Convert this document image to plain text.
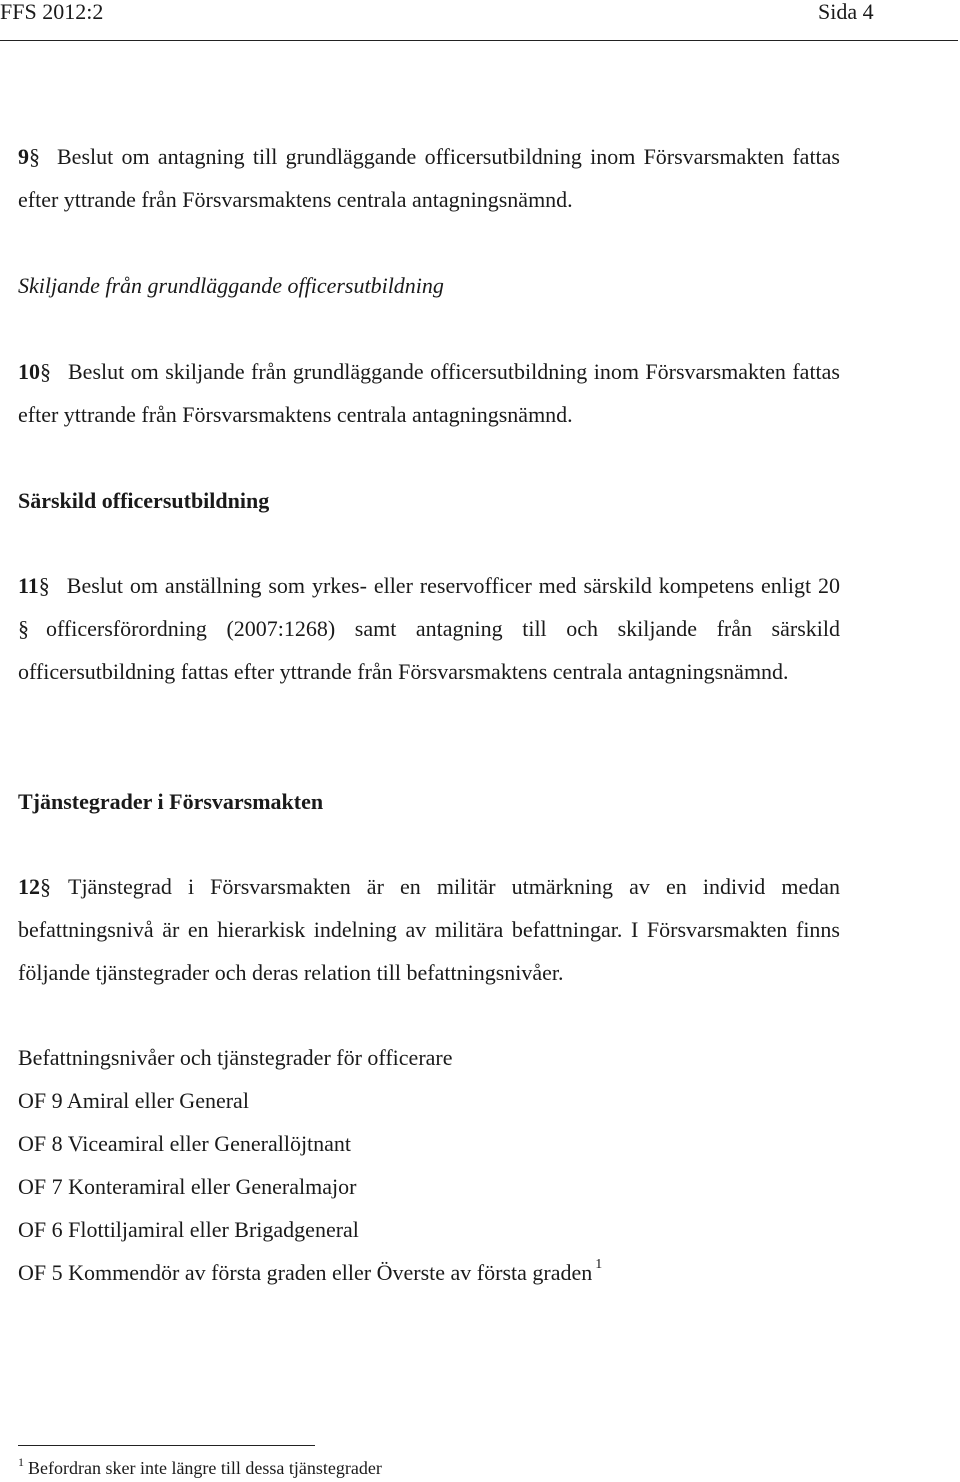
FFS 2012:2	Sida 4

9§ Beslut om antagning till grundläggande officersutbildning inom Försvarsmakten fattas efter yttrande från Försvarsmaktens centrala antagningsnämnd.

Skiljande från grundläggande officersutbildning

10§ Beslut om skiljande från grundläggande officersutbildning inom Försvarsmakten fattas efter yttrande från Försvarsmaktens centrala antagningsnämnd.

Särskild officersutbildning

11§ Beslut om anställning som yrkes- eller reservofficer med särskild kompetens enligt 20§ officersförordning (2007:1268) samt antagning till och skiljande från särskild officersutbildning fattas efter yttrande från Försvarsmaktens centrala antagningsnämnd.

Tjänstegrader i Försvarsmakten

12§ Tjänstegrad i Försvarsmakten är en militär utmärkning av en individ medan befattningsnivå är en hierarkisk indelning av militära befattningar. I Försvarsmakten finns följande tjänstegrader och deras relation till befattningsnivåer.

Befattningsnivåer och tjänstegrader för officerare
OF 9 Amiral eller General
OF 8 Viceamiral eller Generallöjtnant
OF 7 Konteramiral eller Generalmajor
OF 6 Flottiljamiral eller Brigadgeneral
OF 5 Kommendör av första graden eller Överste av första graden $^1$
$^1$ Befordran sker inte längre till dessa tjänstegrader
